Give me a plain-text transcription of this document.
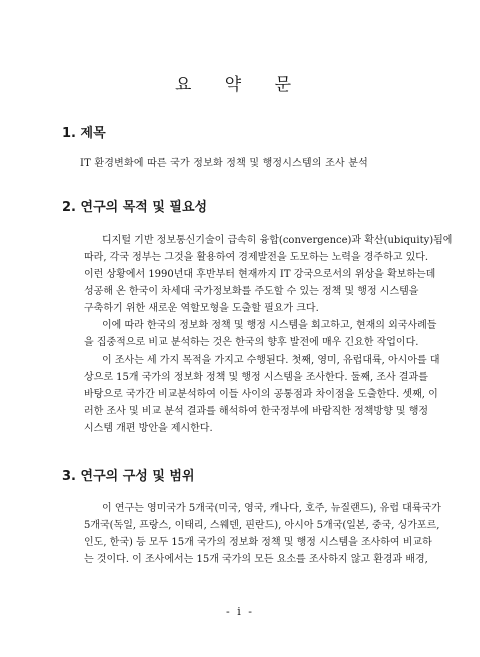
요 약 문
1. 제목
IT 환경변화에 따른 국가 정보화 정책 및 행정시스템의 조사 분석
2. 연구의 목적 및 필요성
디지털 기반 정보통신기술이 급속히 융합(convergence)과 확산(ubiquity)됨에
따라, 각국 정부는 그것을 활용하여 경제발전을 도모하는 노력을 경주하고 있다.
이런 상황에서 1990년대 후반부터 현재까지 IT 강국으로서의 위상을 확보하는데
성공해 온 한국이 차세대 국가정보화를 주도할 수 있는 정책 및 행정 시스템을
구축하기 위한 새로운 역할모형을 도출할 필요가 크다.
이에 따라 한국의 정보화 정책 및 행정 시스템을 회고하고, 현재의 외국사례들
을 집중적으로 비교 분석하는 것은 한국의 향후 발전에 매우 긴요한 작업이다.
이 조사는 세 가지 목적을 가지고 수행된다. 첫째, 영미, 유럽대륙, 아시아를 대
상으로 15개 국가의 정보화 정책 및 행정 시스템을 조사한다. 둘째, 조사 결과를
바탕으로 국가간 비교분석하여 이들 사이의 공통점과 차이점을 도출한다. 셋째, 이
러한 조사 및 비교 분석 결과를 해석하여 한국정부에 바람직한 정책방향 및 행정
시스템 개편 방안을 제시한다.
3. 연구의 구성 및 범위
이 연구는 영미국가 5개국(미국, 영국, 캐나다, 호주, 뉴질랜드), 유럽 대륙국가
5개국(독일, 프랑스, 이태리, 스웨덴, 핀란드), 아시아 5개국(일본, 중국, 싱가포르,
인도, 한국) 등 모두 15개 국가의 정보화 정책 및 행정 시스템을 조사하여 비교하
는 것이다. 이 조사에서는 15개 국가의 모든 요소를 조사하지 않고 환경과 배경,
- i -
